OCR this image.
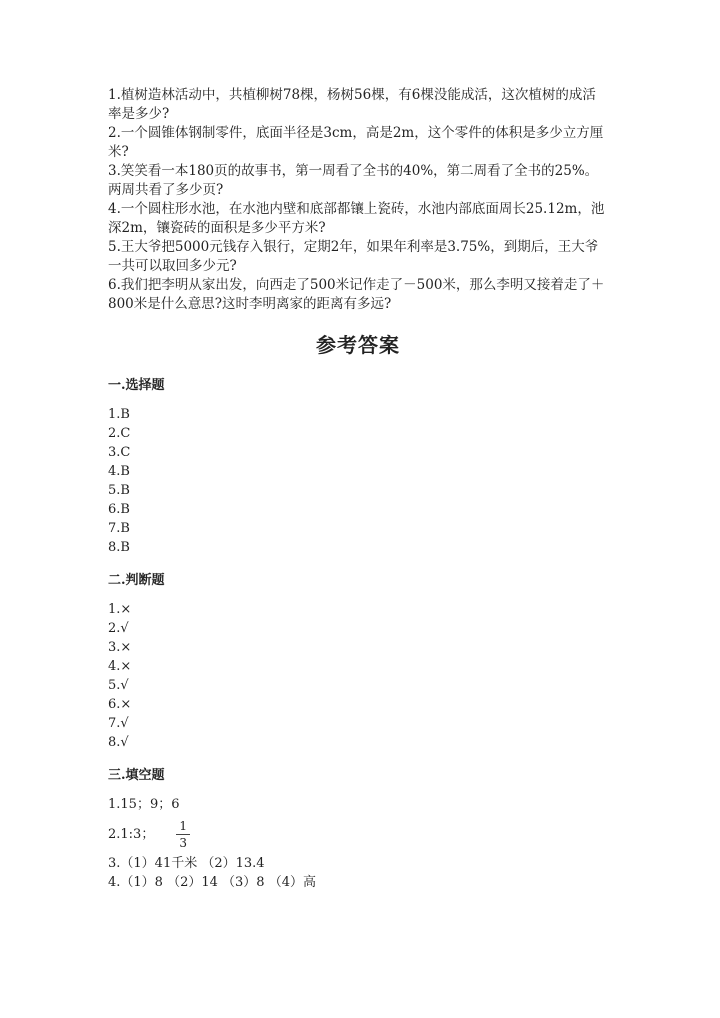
1.植树造林活动中，共植柳树78棵，杨树56棵，有6棵没能成活，这次植树的成活率是多少?

2.一个圆锥体钢制零件，底面半径是3cm，高是2m，这个零件的体积是多少立方厘米?

3.笑笑看一本180页的故事书，第一周看了全书的40%，第二周看了全书的25%。两周共看了多少页?

4.一个圆柱形水池，在水池内壁和底部都镶上瓷砖，水池内部底面周长25.12m，池深2m，镶瓷砖的面积是多少平方米?

5.王大爷把5000元钱存入银行，定期2年，如果年利率是3.75%，到期后，王大爷一共可以取回多少元?

6.我们把李明从家出发，向西走了500米记作走了－500米，那么李明又接着走了＋800米是什么意思?这时李明离家的距离有多远?

参考答案
一.选择题
1.B
2.C
3.C
4.B
5.B
6.B
7.B
8.B
二.判断题
1.×
2.√
3.×
4.×
5.√
6.×
7.√
8.√
三.填空题
1.15；9；6
2.1:3； $\frac{1}{3}$
3.（1）41千米 （2）13.4
4.（1）8 （2）14 （3）8 （4）高
